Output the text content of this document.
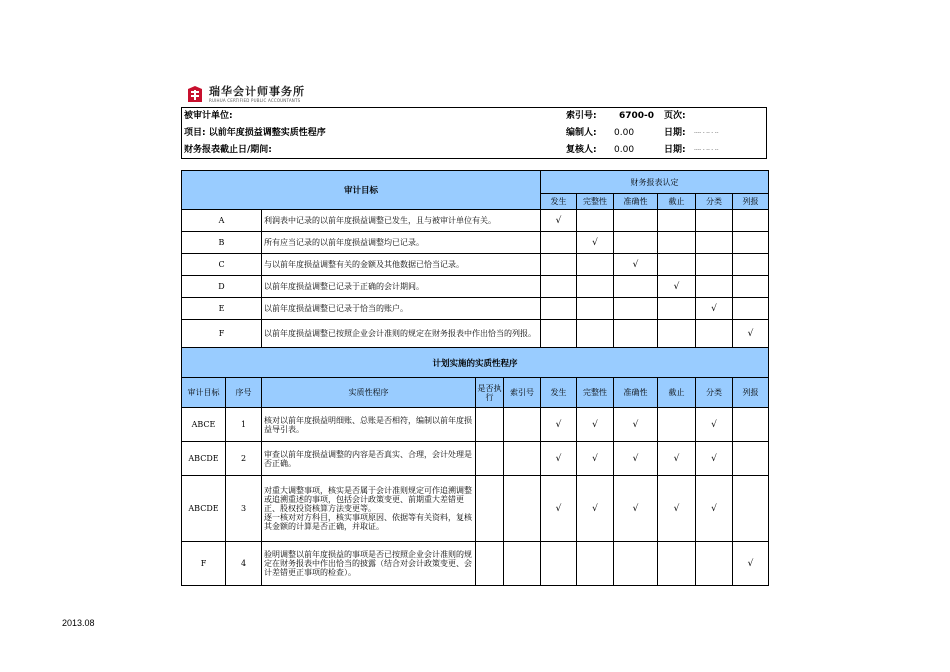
瑞华会计师事务所
RUIHUA CERTIFIED PUBLIC ACCOUNTANTS
被审计单位:	索引号: 6700-0 页次:
项目: 以前年度损益调整实质性程序	编制人: 0.00	日期: ---- - -- - --
财务报表截止日/期间:	复核人: 0.00	日期: ---- - -- - --
审计目标					财务报表认定					
					发生	完整性	准确性	截止	分类	列报
A		利润表中记录的以前年度损益调整已发生，且与被审计单位有关。			√					
B		所有应当记录的以前年度损益调整均已记录。				√				
C		与以前年度损益调整有关的金额及其他数据已恰当记录。					√			
D		以前年度损益调整已记录于正确的会计期间。						√		
E		以前年度损益调整已记录于恰当的账户。							√	
F		以前年度损益调整已按照企业会计准则的规定在财务报表中作出恰当的列报。								√
计划实施的实质性程序										
审计目标	序号	实质性程序	是否执行	索引号	发生	完整性	准确性	截止	分类	列报
ABCE	1	核对以前年度损益明细账、总账是否相符，编制以前年度损益导引表。			√	√	√		√	
ABCDE	2	审查以前年度损益调整的内容是否真实、合理，会计处理是否正确。			√	√	√	√	√	
ABCDE	3	对重大调整事项，核实是否属于会计准则规定可作追溯调整或追溯重述的事项，包括会计政策变更、前期重大差错更正、股权投资核算方法变更等。
逐一核对对方科目，核实事项原因、依据等有关资料，复核其金额的计算是否正确，并取证。			√	√	√	√	√	
F	4	验明调整以前年度损益的事项是否已按照企业会计准则的规定在财务报表中作出恰当的披露（结合对会计政策变更、会计差错更正事项的检查）。								√
2013.08
